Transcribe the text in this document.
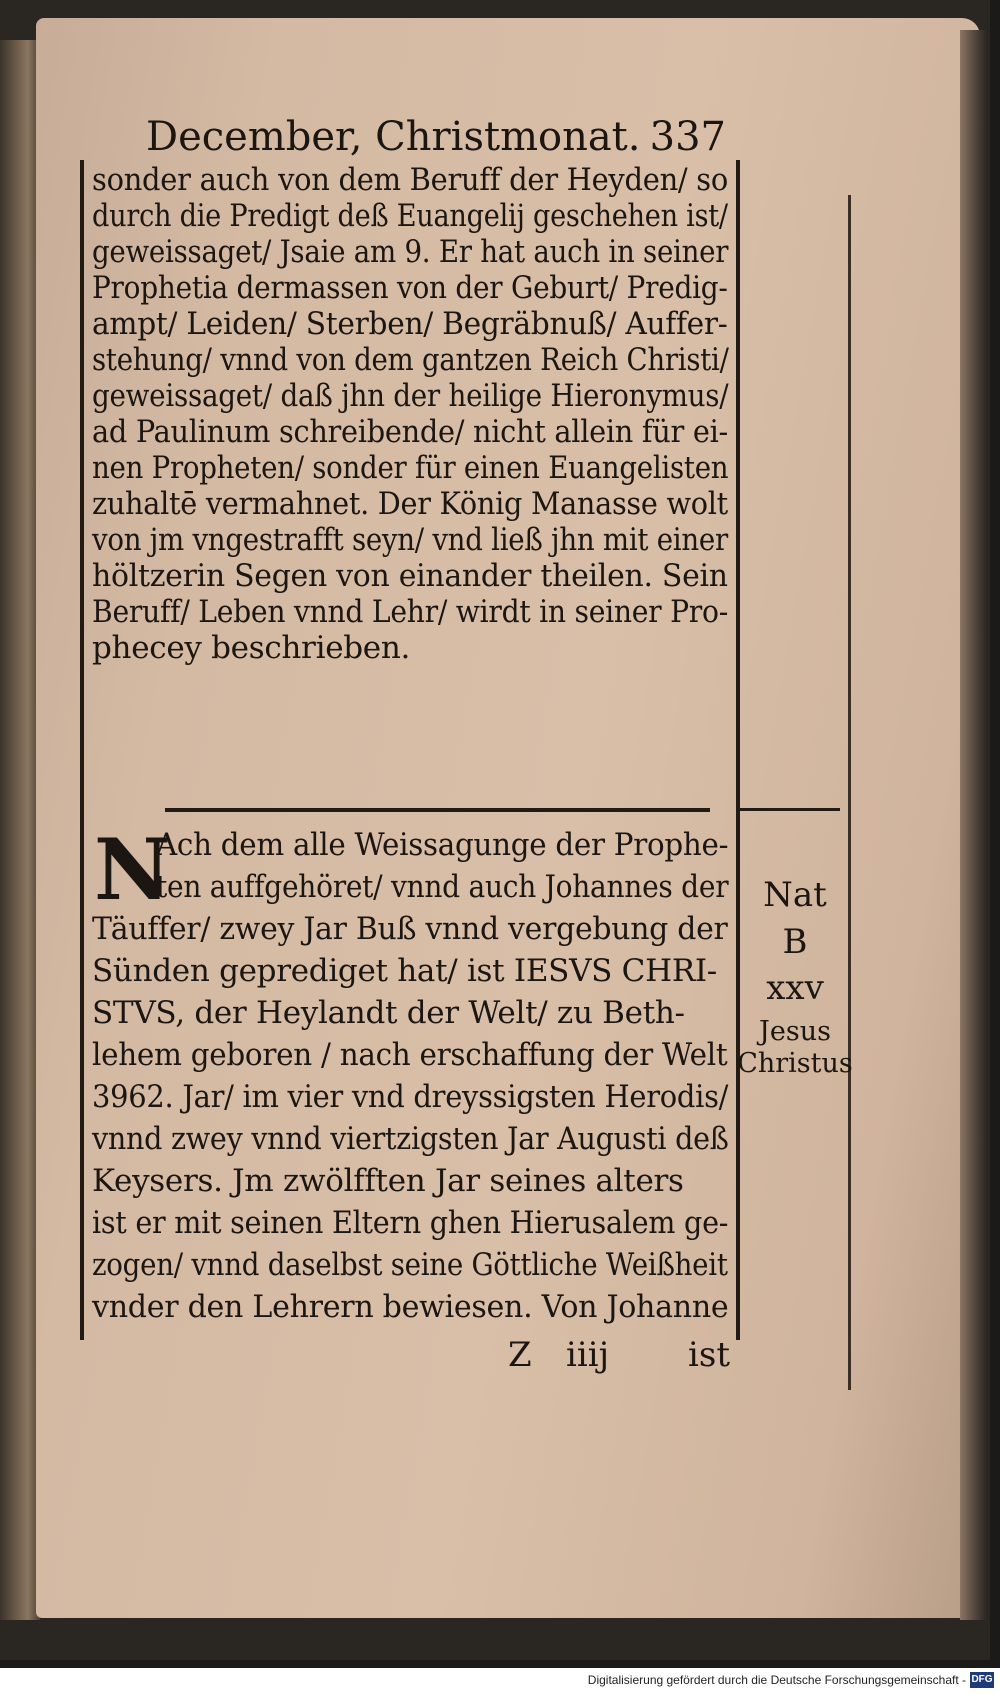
December, Christmonat. 337
sonder auch von dem Beruff der Heyden/ so
durch die Predigt deß Euangelij geschehen ist/
geweissaget/ Jsaie am 9. Er hat auch in seiner
Prophetia dermassen von der Geburt/ Predig-
ampt/ Leiden/ Sterben/ Begräbnuß/ Auffer-
stehung/ vnnd von dem gantzen Reich Christi/
geweissaget/ daß jhn der heilige Hieronymus/
ad Paulinum schreibende/ nicht allein für ei-
nen Propheten/ sonder für einen Euangelisten
zuhaltē vermahnet. Der König Manasse wolt
von jm vngestrafft seyn/ vnd ließ jhn mit einer
höltzerin Segen von einander theilen. Sein
Beruff/ Leben vnnd Lehr/ wirdt in seiner Pro-
phecey beschrieben.
N
Ach dem alle Weissagunge der Prophe-
ten auffgehöret/ vnnd auch Johannes der
Täuffer/ zwey Jar Buß vnnd vergebung der
Sünden geprediget hat/ ist IESVS CHRI-
STVS, der Heylandt der Welt/ zu Beth-
lehem geboren / nach erschaffung der Welt
3962. Jar/ im vier vnd dreyssigsten Herodis/
vnnd zwey vnnd viertzigsten Jar Augusti deß
Keysers. Jm zwölfften Jar seines alters
ist er mit seinen Eltern ghen Hierusalem ge-
zogen/ vnnd daselbst seine Göttliche Weißheit
vnder den Lehrern bewiesen. Von Johanne
Z iiij ist
Nat
B
xxv
Jesus
Christus
Digitalisierung gefördert durch die Deutsche Forschungsgemeinschaft - DFG
